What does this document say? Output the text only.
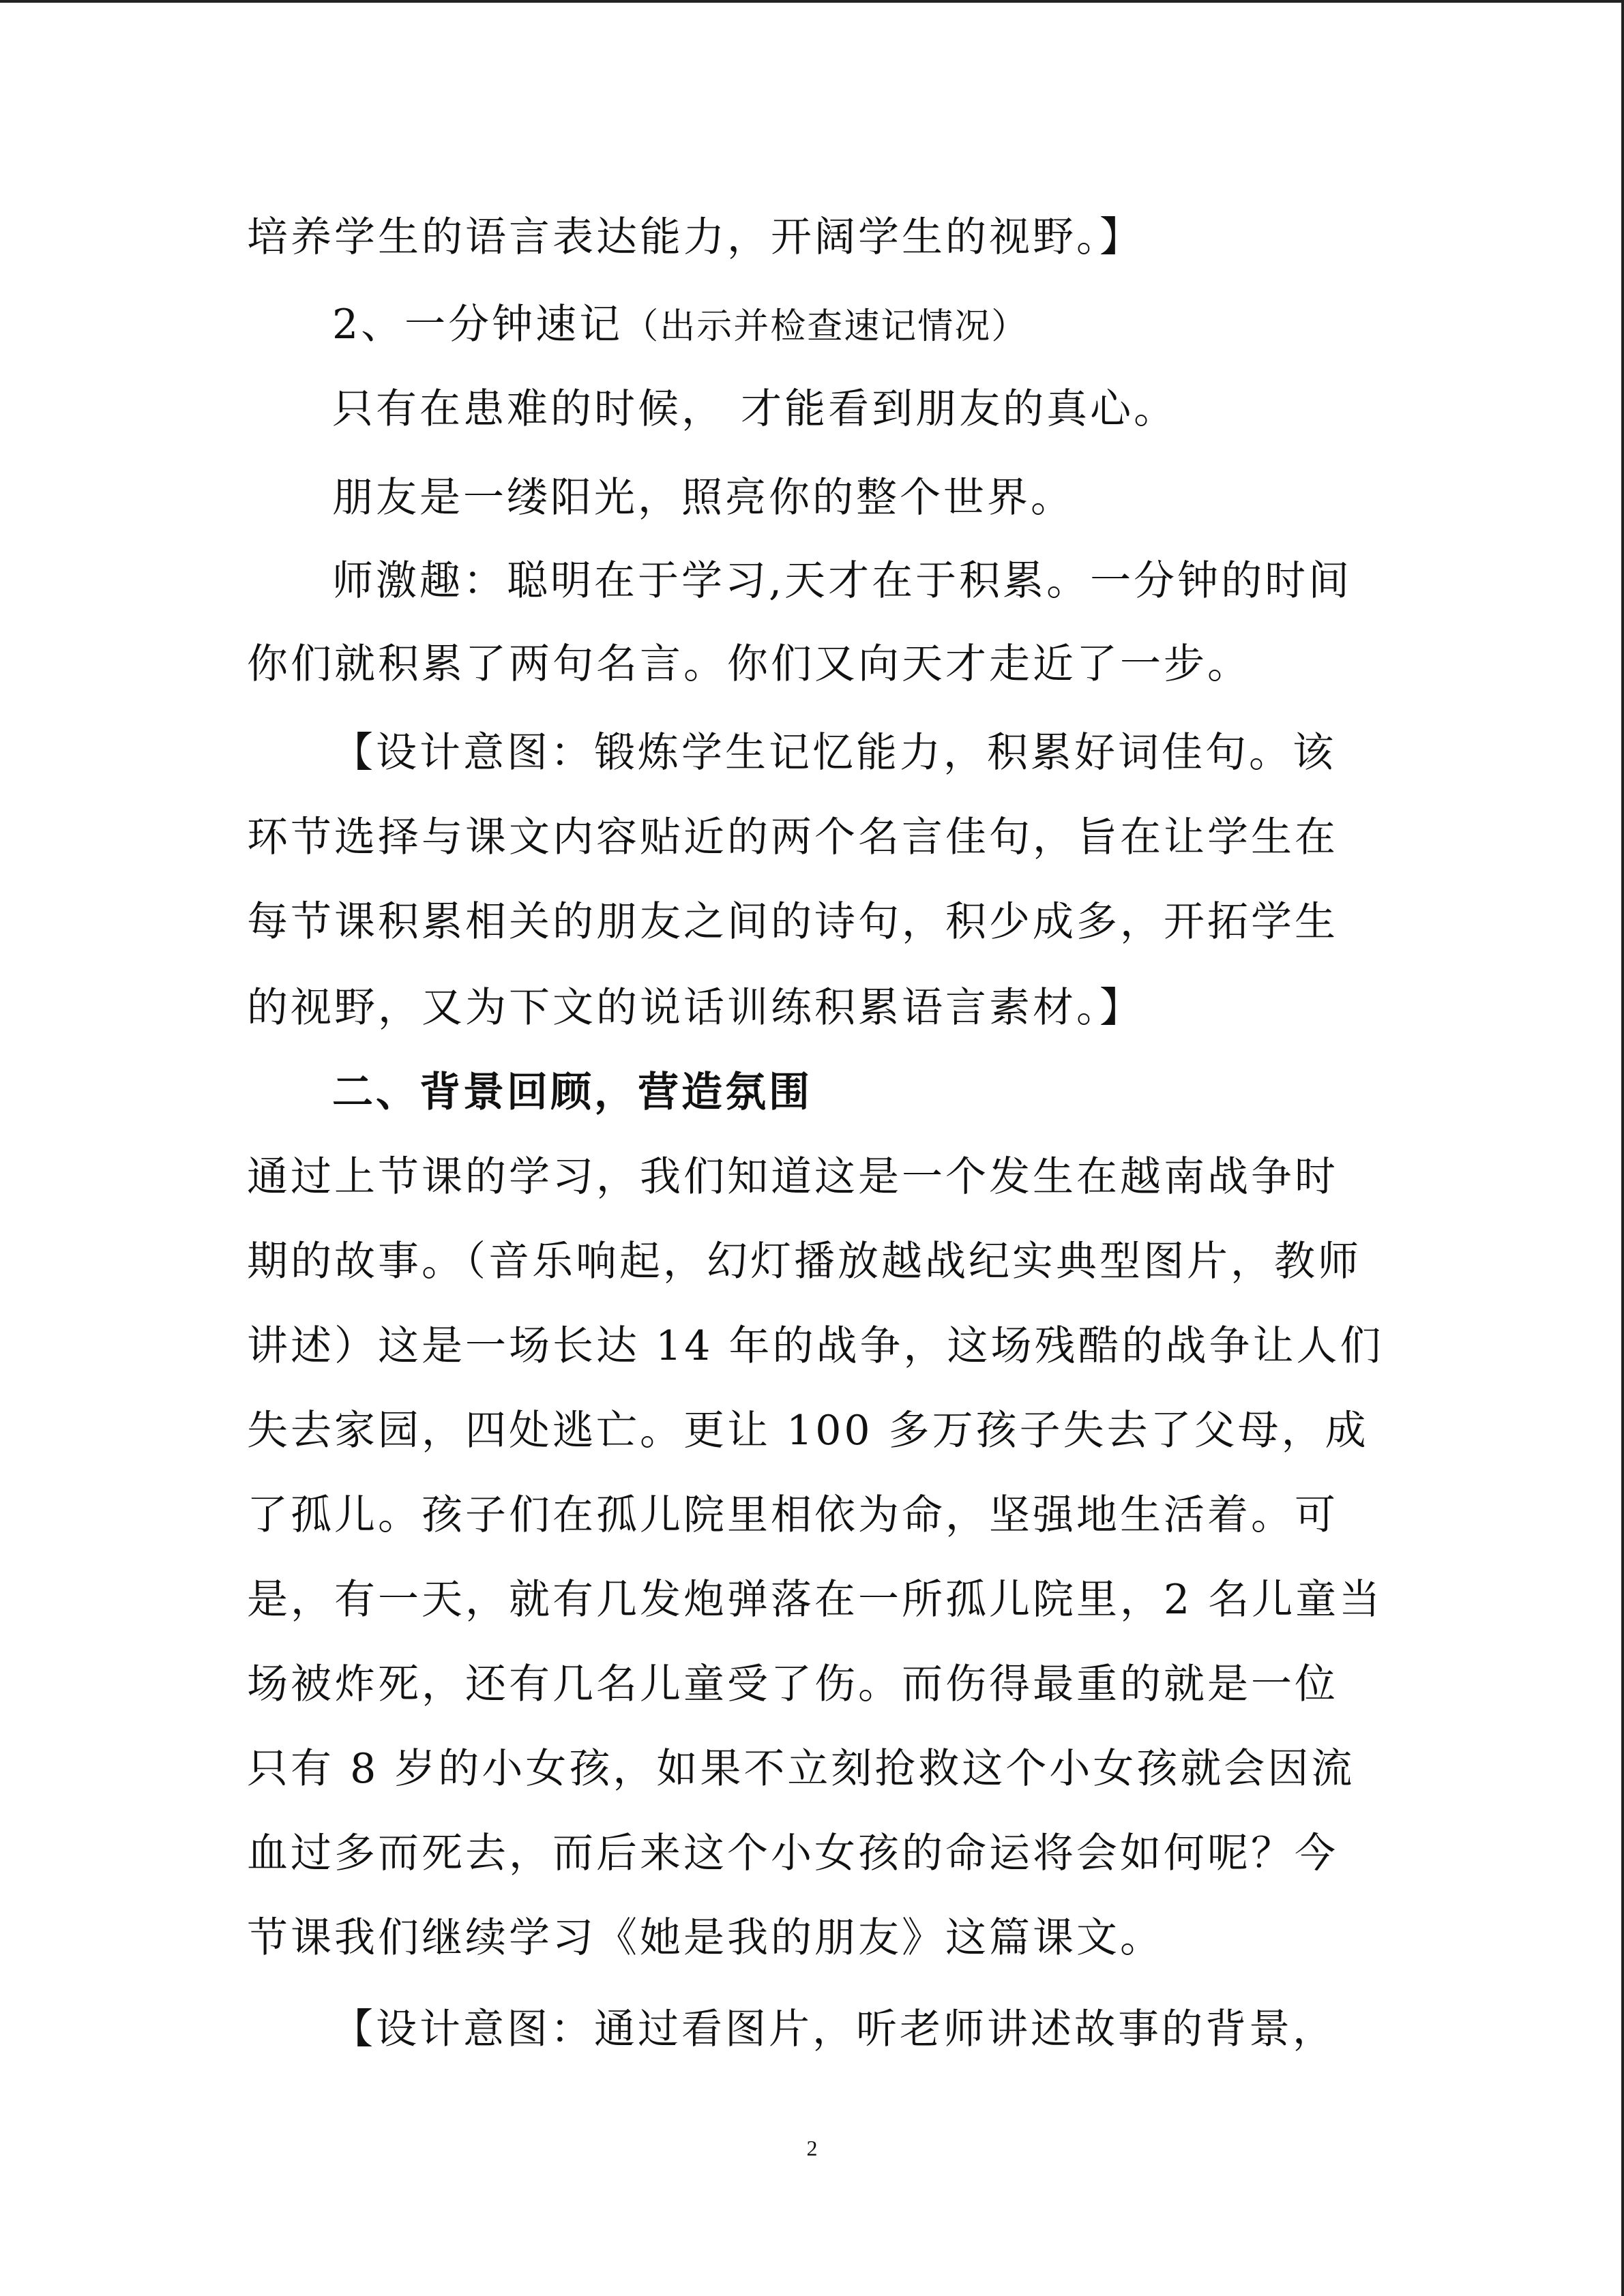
培养学生的语言表达能力，开阔学生的视野。】
2、一分钟速记（出示并检查速记情况）
只有在患难的时候， 才能看到朋友的真心。
朋友是一缕阳光，照亮你的整个世界。
师激趣：聪明在于学习,天才在于积累。一分钟的时间
你们就积累了两句名言。你们又向天才走近了一步。
【设计意图：锻炼学生记忆能力，积累好词佳句。该
环节选择与课文内容贴近的两个名言佳句，旨在让学生在
每节课积累相关的朋友之间的诗句，积少成多，开拓学生
的视野，又为下文的说话训练积累语言素材。】
二、背景回顾，营造氛围
通过上节课的学习，我们知道这是一个发生在越南战争时
期的故事。（音乐响起，幻灯播放越战纪实典型图片，教师
讲述）这是一场长达 14 年的战争，这场残酷的战争让人们
失去家园，四处逃亡。更让 100 多万孩子失去了父母，成
了孤儿。孩子们在孤儿院里相依为命，坚强地生活着。可
是，有一天，就有几发炮弹落在一所孤儿院里，2 名儿童当
场被炸死，还有几名儿童受了伤。而伤得最重的就是一位
只有 8 岁的小女孩，如果不立刻抢救这个小女孩就会因流
血过多而死去，而后来这个小女孩的命运将会如何呢？今
节课我们继续学习《她是我的朋友》这篇课文。
【设计意图：通过看图片，听老师讲述故事的背景，
2
